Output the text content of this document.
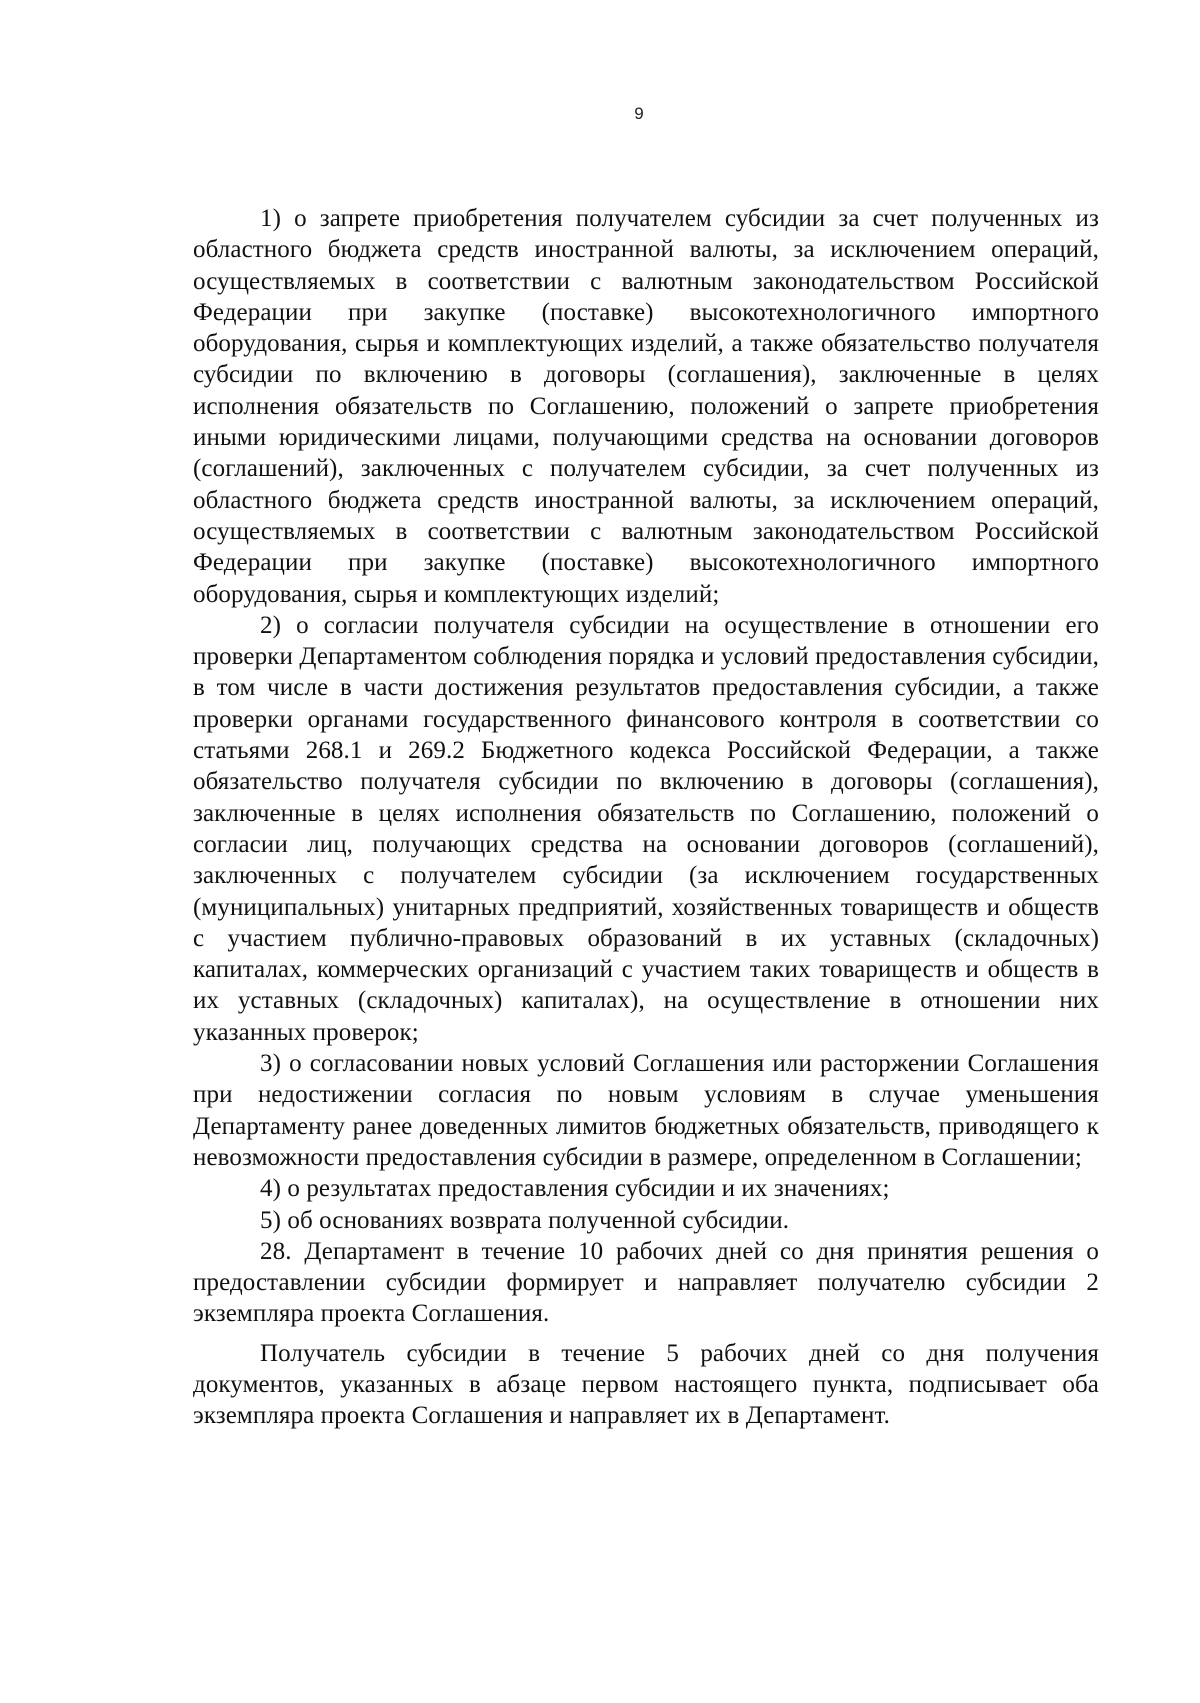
9

1) о запрете приобретения получателем субсидии за счет полученных из областного бюджета средств иностранной валюты, за исключением операций, осуществляемых в соответствии с валютным законодательством Российской Федерации при закупке (поставке) высокотехнологичного импортного оборудования, сырья и комплектующих изделий, а также обязательство получателя субсидии по включению в договоры (соглашения), заключенные в целях исполнения обязательств по Соглашению, положений о запрете приобретения иными юридическими лицами, получающими средства на основании договоров (соглашений), заключенных с получателем субсидии, за счет полученных из областного бюджета средств иностранной валюты, за исключением операций, осуществляемых в соответствии с валютным законодательством Российской Федерации при закупке (поставке) высокотехнологичного импортного оборудования, сырья и комплектующих изделий;

2) о согласии получателя субсидии на осуществление в отношении его проверки Департаментом соблюдения порядка и условий предоставления субсидии, в том числе в части достижения результатов предоставления субсидии, а также проверки органами государственного финансового контроля в соответствии со статьями 268.1 и 269.2 Бюджетного кодекса Российской Федерации, а также обязательство получателя субсидии по включению в договоры (соглашения), заключенные в целях исполнения обязательств по Соглашению, положений о согласии лиц, получающих средства на основании договоров (соглашений), заключенных с получателем субсидии (за исключением государственных (муниципальных) унитарных предприятий, хозяйственных товариществ и обществ с участием публично-правовых образований в их уставных (складочных) капиталах, коммерческих организаций с участием таких товариществ и обществ в их уставных (складочных) капиталах), на осуществление в отношении них указанных проверок;

3) о согласовании новых условий Соглашения или расторжении Соглашения при недостижении согласия по новым условиям в случае уменьшения Департаменту ранее доведенных лимитов бюджетных обязательств, приводящего к невозможности предоставления субсидии в размере, определенном в Соглашении;

4) о результатах предоставления субсидии и их значениях;

5) об основаниях возврата полученной субсидии.

28. Департамент в течение 10 рабочих дней со дня принятия решения о предоставлении субсидии формирует и направляет получателю субсидии 2 экземпляра проекта Соглашения.

Получатель субсидии в течение 5 рабочих дней со дня получения документов, указанных в абзаце первом настоящего пункта, подписывает оба экземпляра проекта Соглашения и направляет их в Департамент.
